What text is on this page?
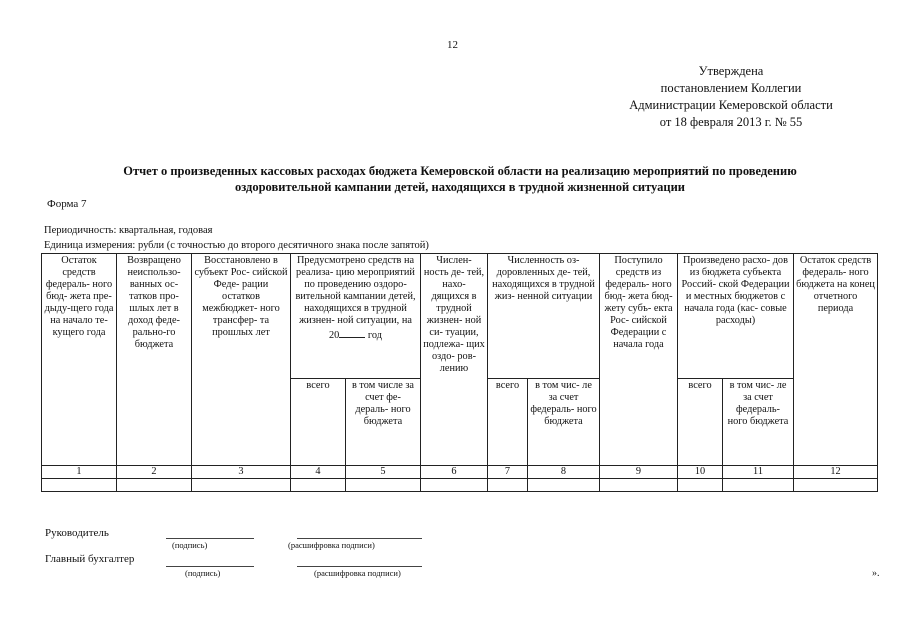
12
Утверждена
постановлением Коллегии
Администрации Кемеровской области
от 18 февраля 2013 г. № 55
Отчет о произведенных кассовых расходах бюджета Кемеровской области на реализацию мероприятий по проведению
оздоровительной кампании детей, находящихся в трудной жизненной ситуации
Форма 7
Периодичность: квартальная, годовая
Единица измерения: рубли (с точностью до второго десятичного знака после запятой)
Остаток средств федераль- ного бюд- жета пре- дыду-щего года на начало те- кущего года	Возвращено неиспользо- ванных ос- татков про- шлых лет в доход феде- рально-го бюджета	Восстановлено в субъект Рос- сийской Феде- рации остатков межбюджет- ного трансфер- та прошлых лет	Предусмотрено средств на реализа- цию мероприятий по проведению оздоро- вительной кампании детей, находящихся в трудной жизнен- ной ситуации, на 20 год		Числен- ность де- тей, нахо- дящихся в трудной жизнен- ной си- туации, подлежа- щих оздо- ров-лению	Численность оз- доровленных де- тей, находящихся в трудной жиз- ненной ситуации		Поступило средств из федераль- ного бюд- жета бюд- жету субъ- екта Рос- сийской Федерации с начала года	Произведено расхо- дов из бюджета субъекта Россий- ской Федерации и местных бюджетов с начала года (кас- совые расходы)		Остаток средств федераль- ного бюджета на конец отчетного периода
			всего	в том числе за счет фе- дераль- ного бюджета		всего	в том чис- ле за счет федераль- ного бюджета		всего	в том чис- ле за счет федераль- ного бюджета	
1	2	3	4	5	6	7	8	9	10	11	12

Руководитель
(подпись)	(расшифровка подписи)
Главный бухгалтер
(подпись)	(расшифровка подписи)	».
